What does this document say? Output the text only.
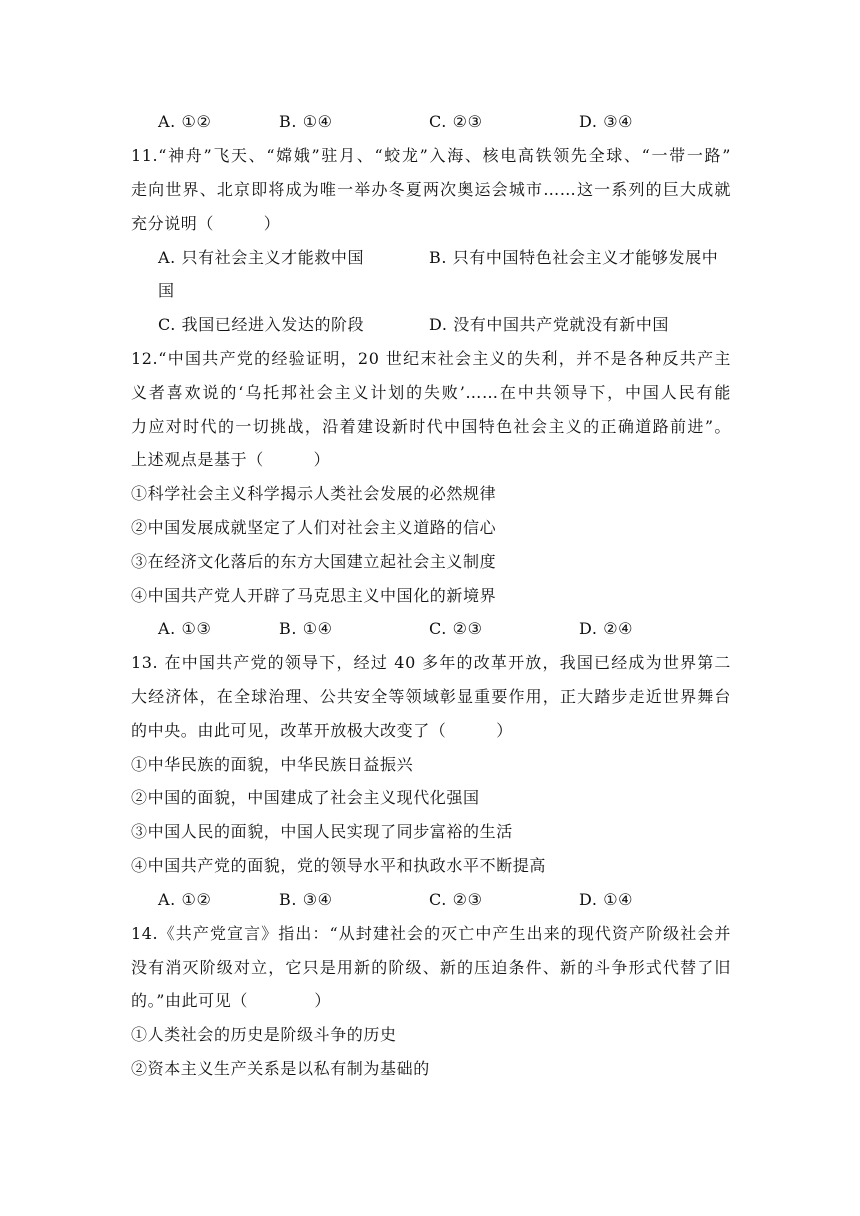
A. ①②	B. ①④	C. ②③	D. ③④
11.“神舟”飞天、“嫦娥”驻月、“蛟龙”入海、核电高铁领先全球、“一带一路”
走向世界、北京即将成为唯一举办冬夏两次奥运会城市……这一系列的巨大成就
充分说明（　　　）
A. 只有社会主义才能救中国	B. 只有中国特色社会主义才能够发展中
国
C. 我国已经进入发达的阶段	D. 没有中国共产党就没有新中国
12.“中国共产党的经验证明，20 世纪末社会主义的失利，并不是各种反共产主
义者喜欢说的‘乌托邦社会主义计划的失败’……在中共领导下，中国人民有能
力应对时代的一切挑战，沿着建设新时代中国特色社会主义的正确道路前进”。
上述观点是基于（　　　）
①科学社会主义科学揭示人类社会发展的必然规律
②中国发展成就坚定了人们对社会主义道路的信心
③在经济文化落后的东方大国建立起社会主义制度
④中国共产党人开辟了马克思主义中国化的新境界
A. ①③	B. ①④	C. ②③	D. ②④
13. 在中国共产党的领导下，经过 40 多年的改革开放，我国已经成为世界第二
大经济体，在全球治理、公共安全等领域彰显重要作用，正大踏步走近世界舞台
的中央。由此可见，改革开放极大改变了（　　　）
①中华民族的面貌，中华民族日益振兴
②中国的面貌，中国建成了社会主义现代化强国
③中国人民的面貌，中国人民实现了同步富裕的生活
④中国共产党的面貌，党的领导水平和执政水平不断提高
A. ①②	B. ③④	C. ②③	D. ①④
14.《共产党宣言》指出：“从封建社会的灭亡中产生出来的现代资产阶级社会并
没有消灭阶级对立，它只是用新的阶级、新的压迫条件、新的斗争形式代替了旧
的。”由此可见（　　　　）
①人类社会的历史是阶级斗争的历史
②资本主义生产关系是以私有制为基础的
